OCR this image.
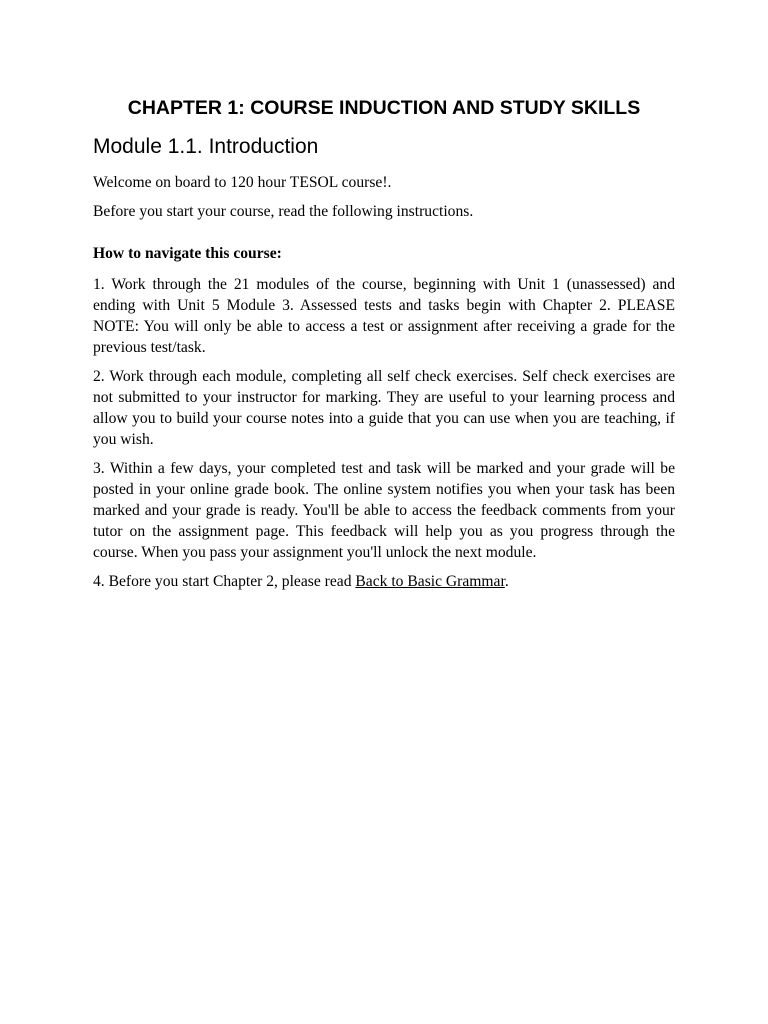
CHAPTER 1: COURSE INDUCTION AND STUDY SKILLS
Module 1.1. Introduction

Welcome on board to 120 hour TESOL course!.

Before you start your course, read the following instructions.

How to navigate this course:

1. Work through the 21 modules of the course, beginning with Unit 1 (unassessed) and ending with Unit 5 Module 3. Assessed tests and tasks begin with Chapter 2. PLEASE NOTE: You will only be able to access a test or assignment after receiving a grade for the previous test/task.

2. Work through each module, completing all self check exercises. Self check exercises are not submitted to your instructor for marking. They are useful to your learning process and allow you to build your course notes into a guide that you can use when you are teaching, if you wish.

3. Within a few days, your completed test and task will be marked and your grade will be posted in your online grade book. The online system notifies you when your task has been marked and your grade is ready. You'll be able to access the feedback comments from your tutor on the assignment page. This feedback will help you as you progress through the course. When you pass your assignment you'll unlock the next module.

4. Before you start Chapter 2, please read Back to Basic Grammar.
